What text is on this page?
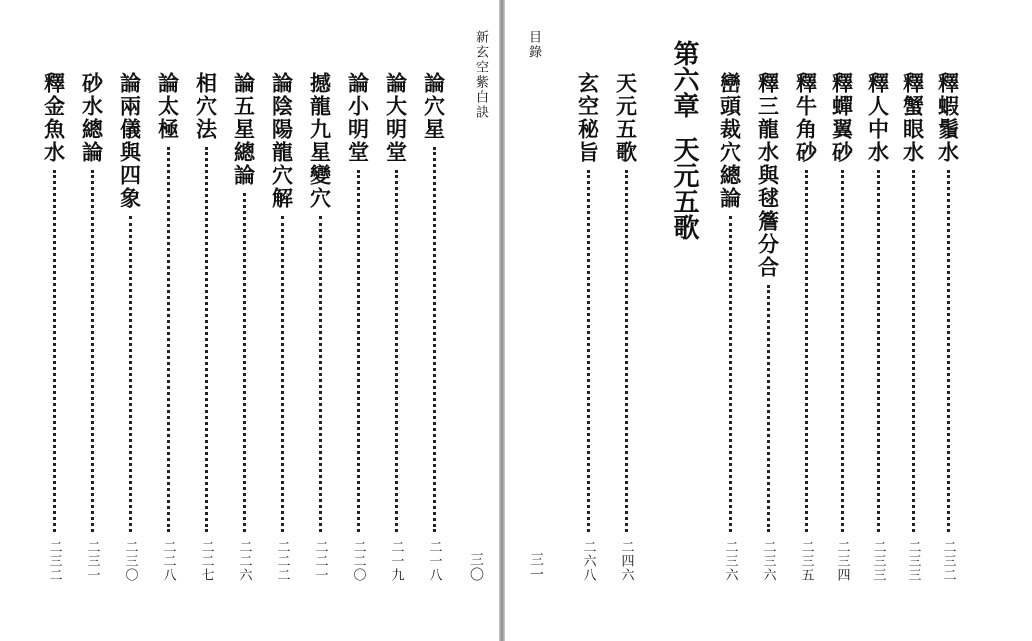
新玄空紫白訣
論穴星
二一八
論大明堂
二一九
論小明堂
二二〇
撼龍九星變穴
二二一
論陰陽龍穴解
二二二
論五星總論
二二六
相穴法
二二七
論太極
二二八
論兩儀與四象
二三〇
砂水總論
二三一
釋金魚水
二三二	三〇
目錄
釋蝦鬚水
二三二
釋蟹眼水
二三三
釋人中水
二三三
釋蟬翼砂
二三四
釋牛角砂
二三五
釋三龍水與毬簷分合
二三六
巒頭裁穴總論
二三六
第六章天元五歌
天元五歌
二四六
玄空秘旨
二六八
三一
